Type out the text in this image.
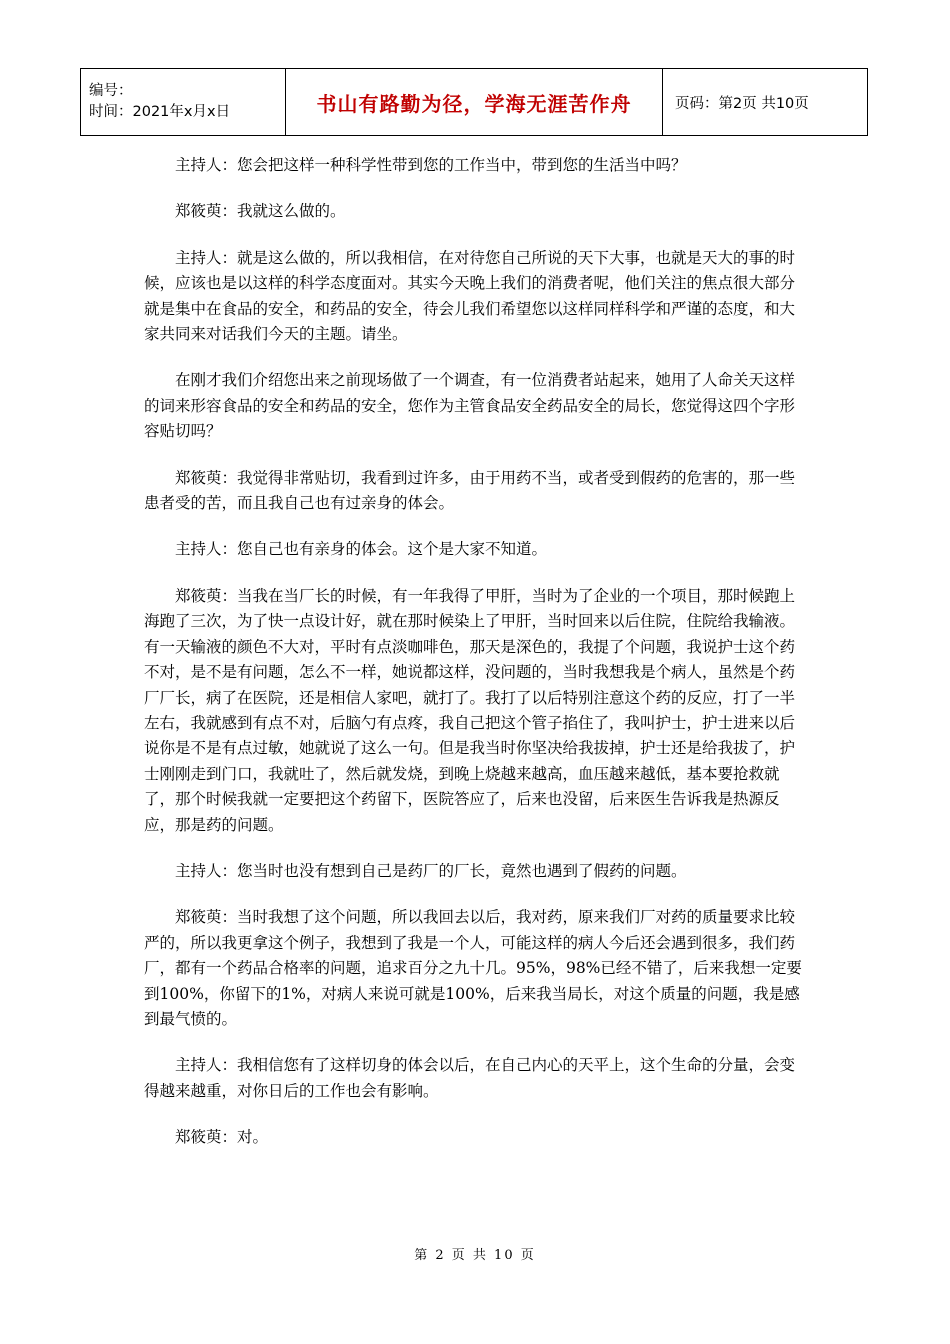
编号：
时间：2021年x月x日	书山有路勤为径，学海无涯苦作舟	页码：第2页 共10页

主持人：您会把这样一种科学性带到您的工作当中，带到您的生活当中吗？

郑筱萸：我就这么做的。

主持人：就是这么做的，所以我相信，在对待您自己所说的天下大事，也就是天大的事的时候，应该也是以这样的科学态度面对。其实今天晚上我们的消费者呢，他们关注的焦点很大部分就是集中在食品的安全，和药品的安全，待会儿我们希望您以这样同样科学和严谨的态度，和大家共同来对话我们今天的主题。请坐。

在刚才我们介绍您出来之前现场做了一个调查，有一位消费者站起来，她用了人命关天这样的词来形容食品的安全和药品的安全，您作为主管食品安全药品安全的局长，您觉得这四个字形容贴切吗？

郑筱萸：我觉得非常贴切，我看到过许多，由于用药不当，或者受到假药的危害的，那一些患者受的苦，而且我自己也有过亲身的体会。

主持人：您自己也有亲身的体会。这个是大家不知道。

郑筱萸：当我在当厂长的时候，有一年我得了甲肝，当时为了企业的一个项目，那时候跑上海跑了三次，为了快一点设计好，就在那时候染上了甲肝，当时回来以后住院，住院给我输液。有一天输液的颜色不大对，平时有点淡咖啡色，那天是深色的，我提了个问题，我说护士这个药不对，是不是有问题，怎么不一样，她说都这样，没问题的，当时我想我是个病人，虽然是个药厂厂长，病了在医院，还是相信人家吧，就打了。我打了以后特别注意这个药的反应，打了一半左右，我就感到有点不对，后脑勺有点疼，我自己把这个管子掐住了，我叫护士，护士进来以后说你是不是有点过敏，她就说了这么一句。但是我当时你坚决给我拔掉，护士还是给我拔了，护士刚刚走到门口，我就吐了，然后就发烧，到晚上烧越来越高，血压越来越低，基本要抢救就了，那个时候我就一定要把这个药留下，医院答应了，后来也没留，后来医生告诉我是热源反应，那是药的问题。

主持人：您当时也没有想到自己是药厂的厂长，竟然也遇到了假药的问题。

郑筱萸：当时我想了这个问题，所以我回去以后，我对药，原来我们厂对药的质量要求比较严的，所以我更拿这个例子，我想到了我是一个人，可能这样的病人今后还会遇到很多，我们药厂，都有一个药品合格率的问题，追求百分之九十几。95%，98%已经不错了，后来我想一定要到100%，你留下的1%，对病人来说可就是100%，后来我当局长，对这个质量的问题，我是感到最气愤的。

主持人：我相信您有了这样切身的体会以后，在自己内心的天平上，这个生命的分量，会变得越来越重，对你日后的工作也会有影响。

郑筱萸：对。

第 2 页 共 10 页
